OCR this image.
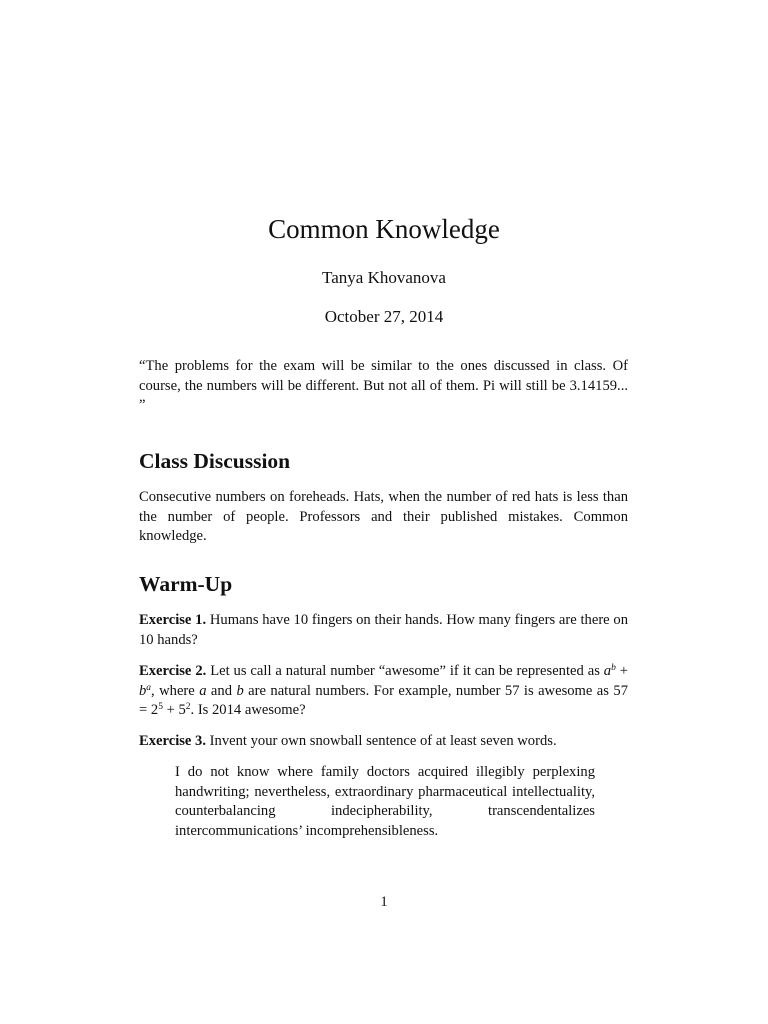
Common Knowledge
Tanya Khovanova
October 27, 2014

“The problems for the exam will be similar to the ones discussed in class. Of course, the numbers will be different. But not all of them. Pi will still be 3.14159... ”

Class Discussion

Consecutive numbers on foreheads. Hats, when the number of red hats is less than the number of people. Professors and their published mistakes. Common knowledge.

Warm-Up

Exercise 1. Humans have 10 fingers on their hands. How many fingers are there on 10 hands?

Exercise 2. Let us call a natural number “awesome” if it can be represented as $a^b + b^a$, where a and b are natural numbers. For example, number 57 is awesome as $57 = 2^5 + 5^2$. Is 2014 awesome?

Exercise 3. Invent your own snowball sentence of at least seven words.

I do not know where family doctors acquired illegibly perplexing handwriting; nevertheless, extraordinary pharmaceutical intellectuality, counterbalancing indecipherability, transcendentalizes intercommunications’ incomprehensibleness.

1
